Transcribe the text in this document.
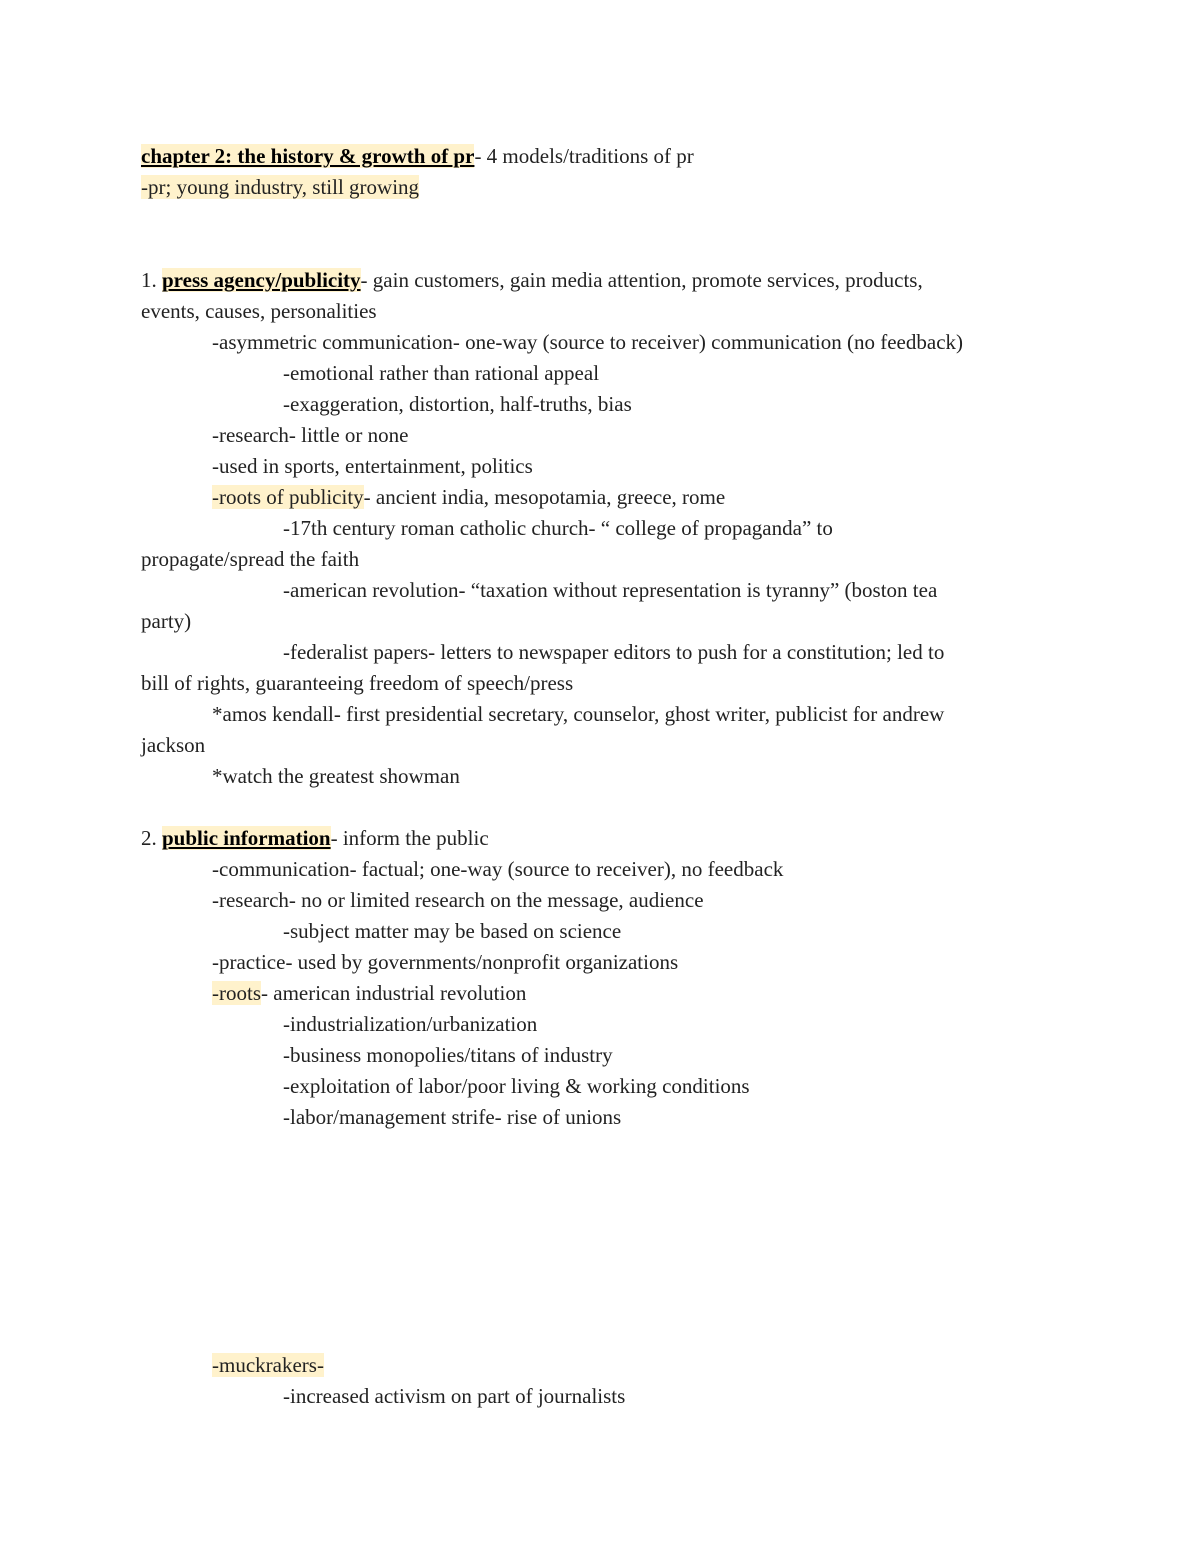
chapter 2: the history & growth of pr- 4 models/traditions of pr
-pr; young industry, still growing
1. press agency/publicity- gain customers, gain media attention, promote services, products,
events, causes, personalities
-asymmetric communication- one-way (source to receiver) communication (no feedback)
-emotional rather than rational appeal
-exaggeration, distortion, half-truths, bias
-research- little or none
-used in sports, entertainment, politics
-roots of publicity- ancient india, mesopotamia, greece, rome
-17th century roman catholic church- “ college of propaganda” to
propagate/spread the faith
-american revolution- “taxation without representation is tyranny” (boston tea
party)
-federalist papers- letters to newspaper editors to push for a constitution; led to
bill of rights, guaranteeing freedom of speech/press
*amos kendall- first presidential secretary, counselor, ghost writer, publicist for andrew
jackson
*watch the greatest showman
2. public information- inform the public
-communication- factual; one-way (source to receiver), no feedback
-research- no or limited research on the message, audience
-subject matter may be based on science
-practice- used by governments/nonprofit organizations
-roots- american industrial revolution
-industrialization/urbanization
-business monopolies/titans of industry
-exploitation of labor/poor living & working conditions
-labor/management strife- rise of unions
-muckrakers-
-increased activism on part of journalists
